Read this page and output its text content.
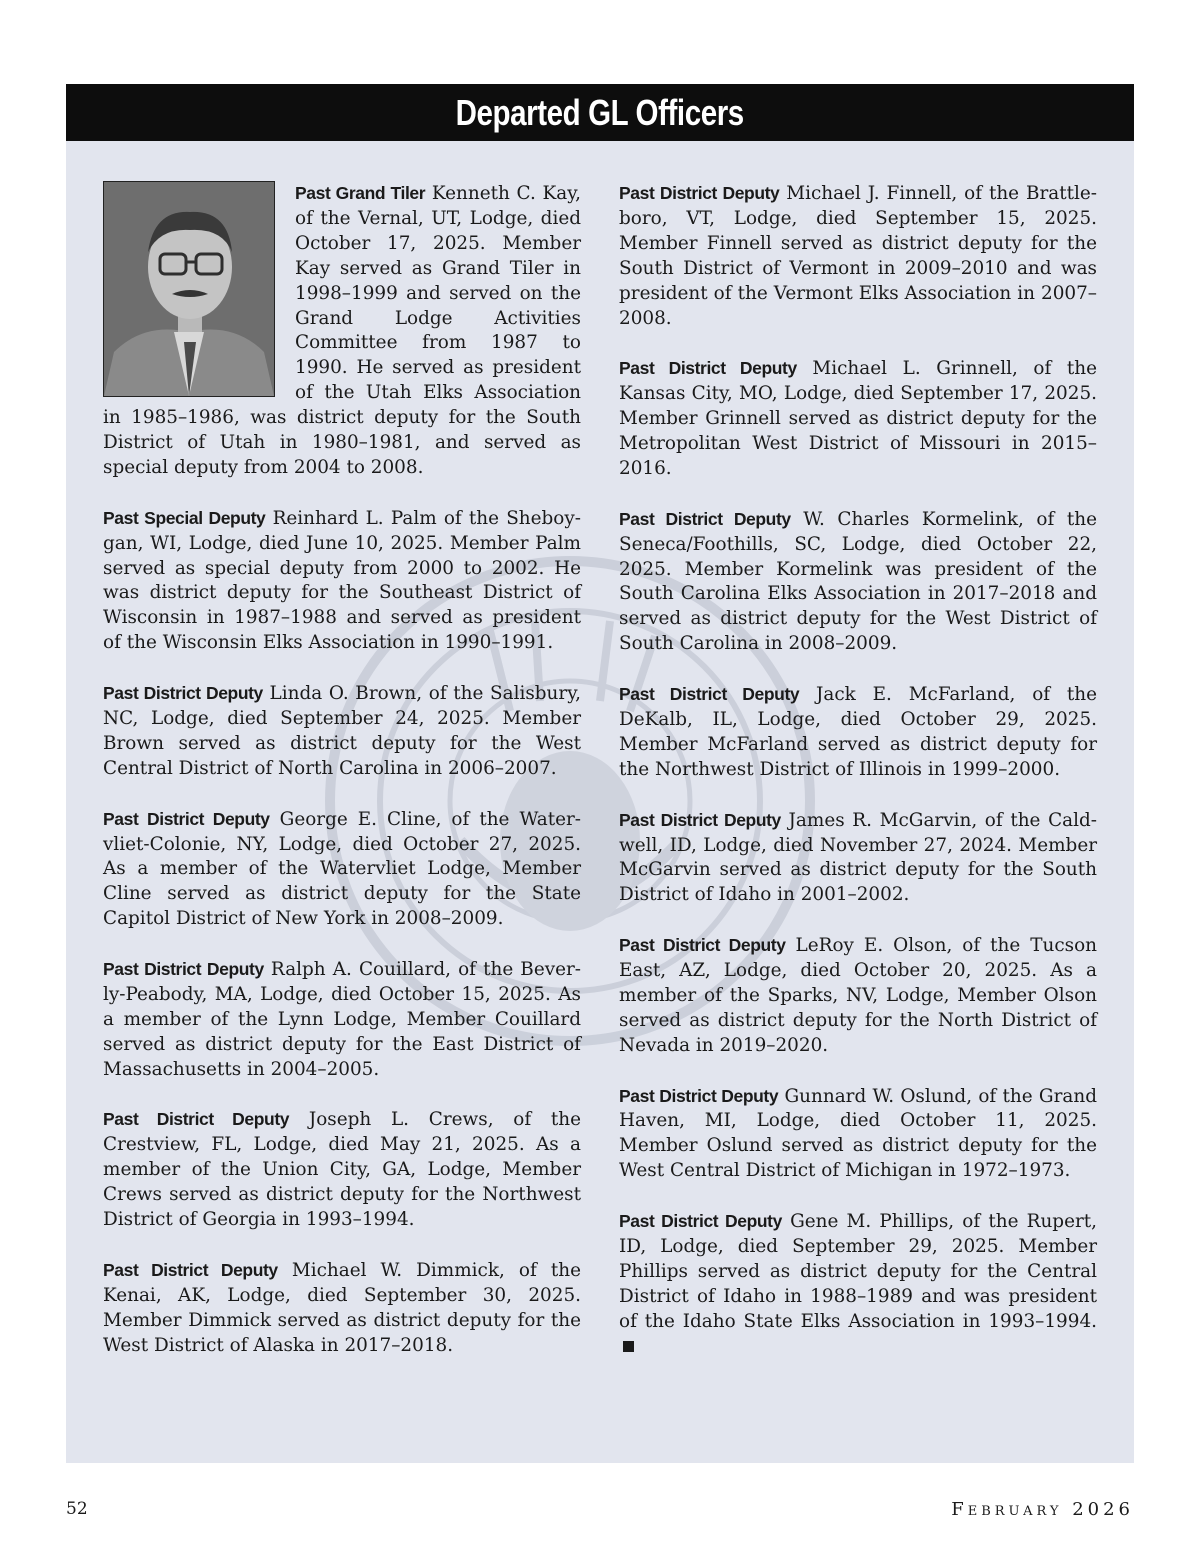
Departed GL Officers
Past Grand Tiler Kenneth C. Kay, of the Vernal, UT, Lodge, died October 17, 2025. Member Kay served as Grand Tiler in 1998–1999 and served on the Grand Lodge Activities Committee from 1987 to 1990. He served as president of the Utah Elks Association in 1985–1986, was district deputy for the South District of Utah in 1980–1981, and served as special deputy from 2004 to 2008.
Past Special Deputy Reinhard L. Palm of the Sheboygan, WI, Lodge, died June 10, 2025. Member Palm served as special deputy from 2000 to 2002. He was district deputy for the Southeast District of Wisconsin in 1987–1988 and served as president of the Wisconsin Elks Association in 1990–1991.
Past District Deputy Linda O. Brown, of the Salisbury, NC, Lodge, died September 24, 2025. Member Brown served as district deputy for the West Central District of North Carolina in 2006–2007.
Past District Deputy George E. Cline, of the Watervliet-Colonie, NY, Lodge, died October 27, 2025. As a member of the Watervliet Lodge, Member Cline served as district deputy for the State Capitol District of New York in 2008–2009.
Past District Deputy Ralph A. Couillard, of the Beverly-Peabody, MA, Lodge, died October 15, 2025. As a member of the Lynn Lodge, Member Couillard served as district deputy for the East District of Massachusetts in 2004–2005.
Past District Deputy Joseph L. Crews, of the Crestview, FL, Lodge, died May 21, 2025. As a member of the Union City, GA, Lodge, Member Crews served as district deputy for the Northwest District of Georgia in 1993–1994.
Past District Deputy Michael W. Dimmick, of the Kenai, AK, Lodge, died September 30, 2025. Member Dimmick served as district deputy for the West District of Alaska in 2017–2018.
Past District Deputy Michael J. Finnell, of the Brattleboro, VT, Lodge, died September 15, 2025. Member Finnell served as district deputy for the South District of Vermont in 2009–2010 and was president of the Vermont Elks Association in 2007–2008.
Past District Deputy Michael L. Grinnell, of the Kansas City, MO, Lodge, died September 17, 2025. Member Grinnell served as district deputy for the Metropolitan West District of Missouri in 2015–2016.
Past District Deputy W. Charles Kormelink, of the Seneca/Foothills, SC, Lodge, died October 22, 2025. Member Kormelink was president of the South Carolina Elks Association in 2017–2018 and served as district deputy for the West District of South Carolina in 2008–2009.
Past District Deputy Jack E. McFarland, of the DeKalb, IL, Lodge, died October 29, 2025. Member McFarland served as district deputy for the Northwest District of Illinois in 1999–2000.
Past District Deputy James R. McGarvin, of the Caldwell, ID, Lodge, died November 27, 2024. Member McGarvin served as district deputy for the South District of Idaho in 2001–2002.
Past District Deputy LeRoy E. Olson, of the Tucson East, AZ, Lodge, died October 20, 2025. As a member of the Sparks, NV, Lodge, Member Olson served as district deputy for the North District of Nevada in 2019–2020.
Past District Deputy Gunnard W. Oslund, of the Grand Haven, MI, Lodge, died October 11, 2025. Member Oslund served as district deputy for the West Central District of Michigan in 1972–1973.
Past District Deputy Gene M. Phillips, of the Rupert, ID, Lodge, died September 29, 2025. Member Phillips served as district deputy for the Central District of Idaho in 1988–1989 and was president of the Idaho State Elks Association in 1993–1994.
52	February 2026
